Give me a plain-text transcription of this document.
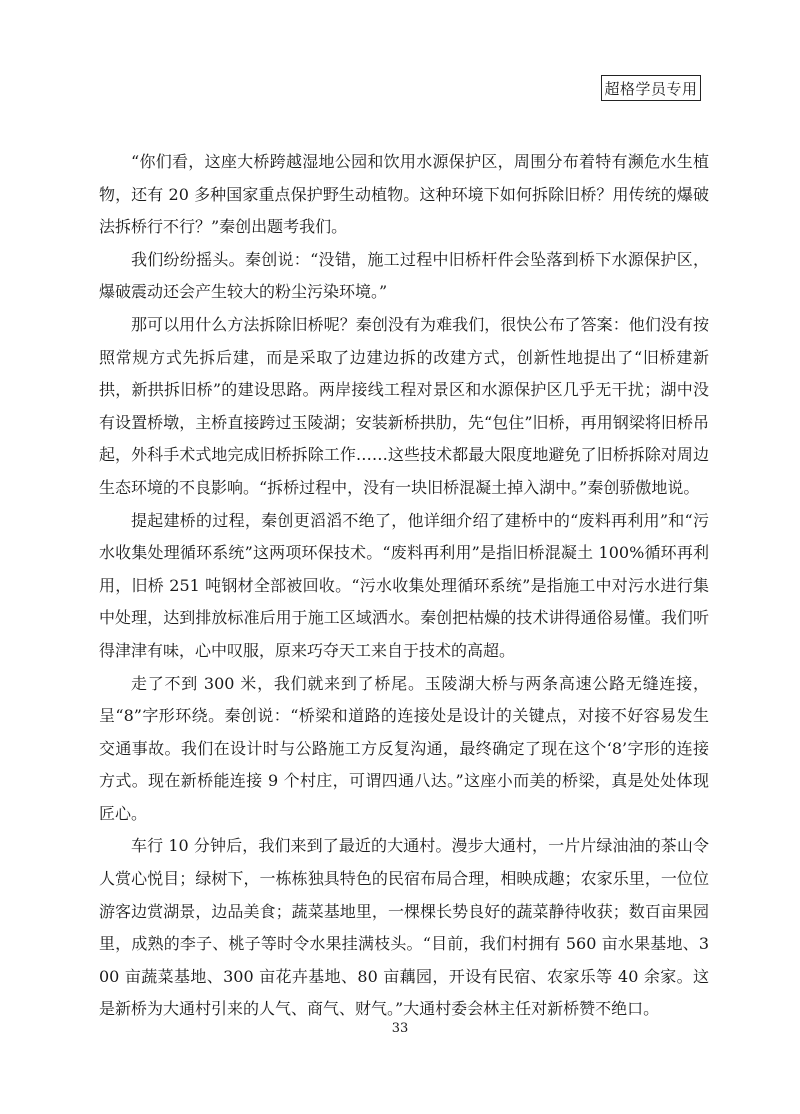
超格学员专用

“你们看，这座大桥跨越湿地公园和饮用水源保护区，周围分布着特有濒危水生植物，还有 20 多种国家重点保护野生动植物。这种环境下如何拆除旧桥？用传统的爆破法拆桥行不行？”秦创出题考我们。

我们纷纷摇头。秦创说：“没错，施工过程中旧桥杆件会坠落到桥下水源保护区，爆破震动还会产生较大的粉尘污染环境。”

那可以用什么方法拆除旧桥呢？秦创没有为难我们，很快公布了答案：他们没有按照常规方式先拆后建，而是采取了边建边拆的改建方式，创新性地提出了“旧桥建新拱，新拱拆旧桥”的建设思路。两岸接线工程对景区和水源保护区几乎无干扰；湖中没有设置桥墩，主桥直接跨过玉陵湖；安装新桥拱肋，先“包住”旧桥，再用钢梁将旧桥吊起，外科手术式地完成旧桥拆除工作……这些技术都最大限度地避免了旧桥拆除对周边生态环境的不良影响。“拆桥过程中，没有一块旧桥混凝土掉入湖中。”秦创骄傲地说。

提起建桥的过程，秦创更滔滔不绝了，他详细介绍了建桥中的“废料再利用”和“污水收集处理循环系统”这两项环保技术。“废料再利用”是指旧桥混凝土 100%循环再利用，旧桥 251 吨钢材全部被回收。“污水收集处理循环系统”是指施工中对污水进行集中处理，达到排放标准后用于施工区域洒水。秦创把枯燥的技术讲得通俗易懂。我们听得津津有味，心中叹服，原来巧夺天工来自于技术的高超。

走了不到 300 米，我们就来到了桥尾。玉陵湖大桥与两条高速公路无缝连接，呈“8”字形环绕。秦创说：“桥梁和道路的连接处是设计的关键点，对接不好容易发生交通事故。我们在设计时与公路施工方反复沟通，最终确定了现在这个‘8’字形的连接方式。现在新桥能连接 9 个村庄，可谓四通八达。”这座小而美的桥梁，真是处处体现匠心。

车行 10 分钟后，我们来到了最近的大通村。漫步大通村，一片片绿油油的茶山令人赏心悦目；绿树下，一栋栋独具特色的民宿布局合理，相映成趣；农家乐里，一位位游客边赏湖景，边品美食；蔬菜基地里，一棵棵长势良好的蔬菜静待收获；数百亩果园里，成熟的李子、桃子等时令水果挂满枝头。“目前，我们村拥有 560 亩水果基地、300 亩蔬菜基地、300 亩花卉基地、80 亩藕园，开设有民宿、农家乐等 40 余家。这是新桥为大通村引来的人气、商气、财气。”大通村委会林主任对新桥赞不绝口。

33
